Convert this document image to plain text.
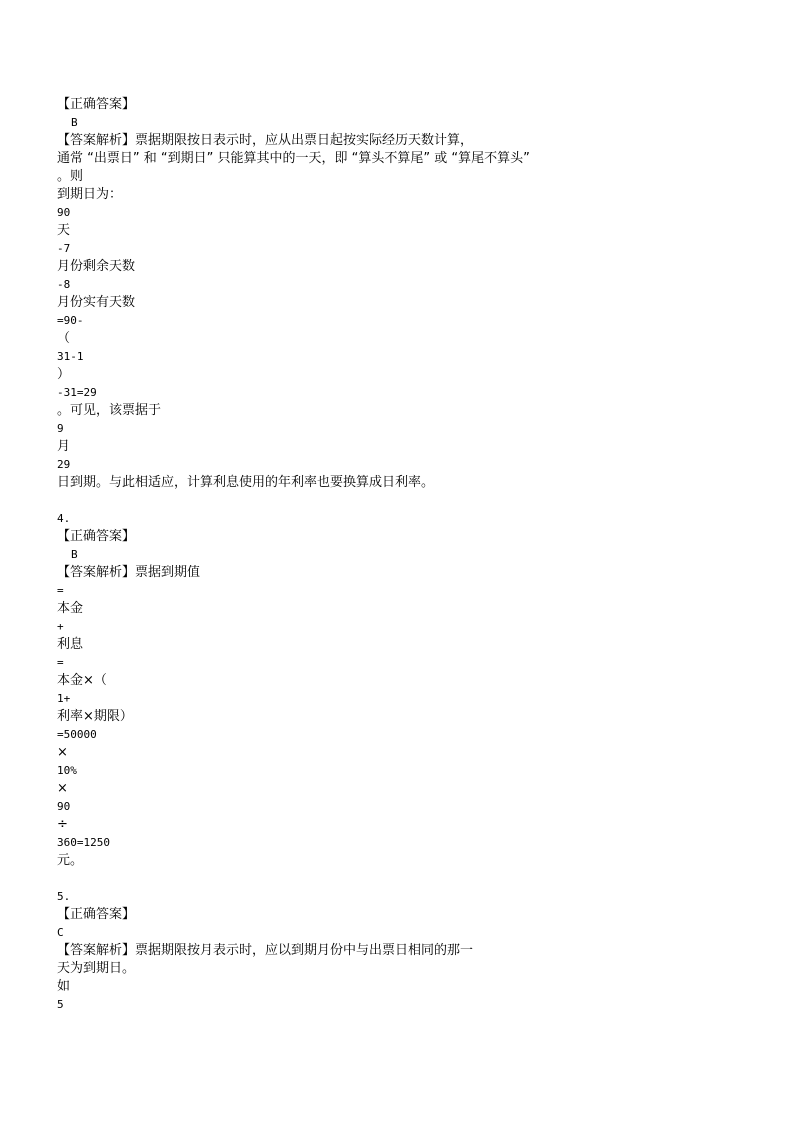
【正确答案】
B
【答案解析】票据期限按日表示时，应从出票日起按实际经历天数计算，
通常 “出票日” 和 “到期日” 只能算其中的一天，即 “算头不算尾” 或 “算尾不算头”
。则
到期日为：
90
天
-7
月份剩余天数
-8
月份实有天数
=90-
（
31-1
）
-31=29
。可见，该票据于
9
月
29
日到期。与此相适应，计算利息使用的年利率也要换算成日利率。
4.
【正确答案】
B
【答案解析】票据到期值
=
本金
+
利息
=
本金×（
1+
利率×期限）
=50000
×
10%
×
90
÷
360=1250
元。
5.
【正确答案】
C
【答案解析】票据期限按月表示时，应以到期月份中与出票日相同的那一
天为到期日。
如
5
